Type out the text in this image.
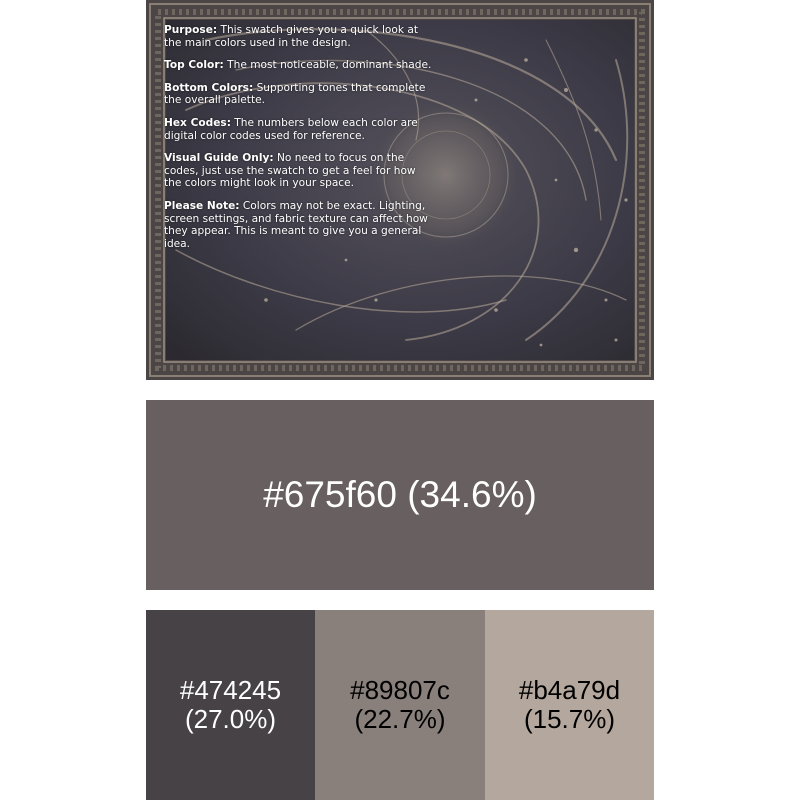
Purpose: This swatch gives you a quick look at the main colors used in the design.

Top Color: The most noticeable, dominant shade.

Bottom Colors: Supporting tones that complete the overall palette.

Hex Codes: The numbers below each color are digital color codes used for reference.

Visual Guide Only: No need to focus on the codes, just use the swatch to get a feel for how the colors might look in your space.

Please Note: Colors may not be exact. Lighting, screen settings, and fabric texture can affect how they appear. This is meant to give you a general idea.

#675f60 (34.6%)
#474245
(27.0%)
#89807c
(22.7%)
#b4a79d
(15.7%)
